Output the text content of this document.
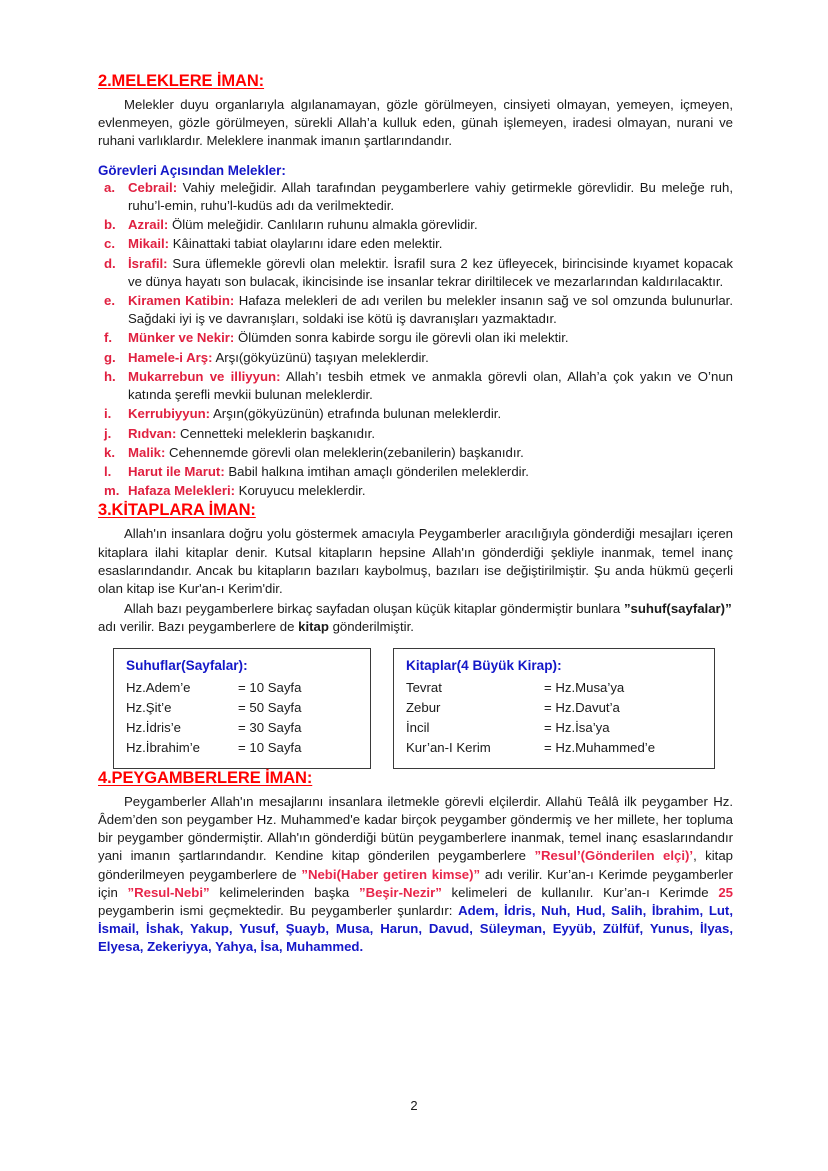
2.MELEKLERE İMAN:

Melekler duyu organlarıyla algılanamayan, gözle görülmeyen, cinsiyeti olmayan, yemeyen, içmeyen, evlenmeyen, gözle görülmeyen, sürekli Allah’a kulluk eden, günah işlemeyen, iradesi olmayan, nurani ve ruhani varlıklardır. Meleklere inanmak imanın şartlarındandır.

Görevleri Açısından Melekler:
a. Cebrail: Vahiy meleğidir. Allah tarafından peygamberlere vahiy getirmekle görevlidir. Bu meleğe ruh, ruhu’l-emin, ruhu’l-kudüs adı da verilmektedir.
b. Azrail: Ölüm meleğidir. Canlıların ruhunu almakla görevlidir.
c. Mikail: Kâinattaki tabiat olaylarını idare eden melektir.
d. İsrafil: Sura üflemekle görevli olan melektir. İsrafil sura 2 kez üfleyecek, birincisinde kıyamet kopacak ve dünya hayatı son bulacak, ikincisinde ise insanlar tekrar diriltilecek ve mezarlarından kaldırılacaktır.
e. Kiramen Katibin: Hafaza melekleri de adı verilen bu melekler insanın sağ ve sol omzunda bulunurlar. Sağdaki iyi iş ve davranışları, soldaki ise kötü iş davranışları yazmaktadır.
f. Münker ve Nekir: Ölümden sonra kabirde sorgu ile görevli olan iki melektir.
g. Hamele-i Arş: Arşı(gökyüzünü) taşıyan meleklerdir.
h. Mukarrebun ve illiyyun: Allah’ı tesbih etmek ve anmakla görevli olan, Allah’a çok yakın ve O’nun katında şerefli mevkii bulunan meleklerdir.
i. Kerrubiyyun: Arşın(gökyüzünün) etrafında bulunan meleklerdir.
j. Rıdvan: Cennetteki meleklerin başkanıdır.
k. Malik: Cehennemde görevli olan meleklerin(zebanilerin) başkanıdır.
l. Harut ile Marut: Babil halkına imtihan amaçlı gönderilen meleklerdir.
m. Hafaza Melekleri: Koruyucu meleklerdir.
3.KİTAPLARA İMAN:

Allah'ın insanlara doğru yolu göstermek amacıyla Peygamberler aracılığıyla gönderdiği mesajları içeren kitaplara ilahi kitaplar denir. Kutsal kitapların hepsine Allah'ın gönderdiği şekliyle inanmak, temel inanç esaslarındandır. Ancak bu kitapların bazıları kaybolmuş, bazıları ise değiştirilmiştir. Şu anda hükmü geçerli olan kitap ise Kur'an-ı Kerim'dir.

Allah bazı peygamberlere birkaç sayfadan oluşan küçük kitaplar göndermiştir bunlara ”suhuf(sayfalar)” adı verilir. Bazı peygamberlere de kitap gönderilmiştir.

Suhuflar(Sayfalar):
Hz.Adem’e	= 10 Sayfa
Hz.Şit’e	= 50 Sayfa
Hz.İdris’e	= 30 Sayfa
Hz.İbrahim’e	= 10 Sayfa
Kitaplar(4 Büyük Kirap):
Tevrat	= Hz.Musa’ya
Zebur	= Hz.Davut’a
İncil	= Hz.İsa’ya
Kur’an-I Kerim	= Hz.Muhammed’e
4.PEYGAMBERLERE İMAN:

Peygamberler Allah'ın mesajlarını insanlara iletmekle görevli elçilerdir. Allahü Teâlâ ilk peygamber Hz. Âdem’den son peygamber Hz. Muhammed'e kadar birçok peygamber göndermiş ve her millete, her topluma bir peygamber göndermiştir. Allah'ın gönderdiği bütün peygamberlere inanmak, temel inanç esaslarındandır yani imanın şartlarındandır. Kendine kitap gönderilen peygamberlere ”Resul’(Gönderilen elçi)’, kitap gönderilmeyen peygamberlere de ”Nebi(Haber getiren kimse)” adı verilir. Kur’an-ı Kerimde peygamberler için ”Resul-Nebi” kelimelerinden başka ”Beşir-Nezir” kelimeleri de kullanılır. Kur’an-ı Kerimde 25 peygamberin ismi geçmektedir. Bu peygamberler şunlardır: Adem, İdris, Nuh, Hud, Salih, İbrahim, Lut, İsmail, İshak, Yakup, Yusuf, Şuayb, Musa, Harun, Davud, Süleyman, Eyyüb, Zülfüf, Yunus, İlyas, Elyesa, Zekeriyya, Yahya, İsa, Muhammed.

2
